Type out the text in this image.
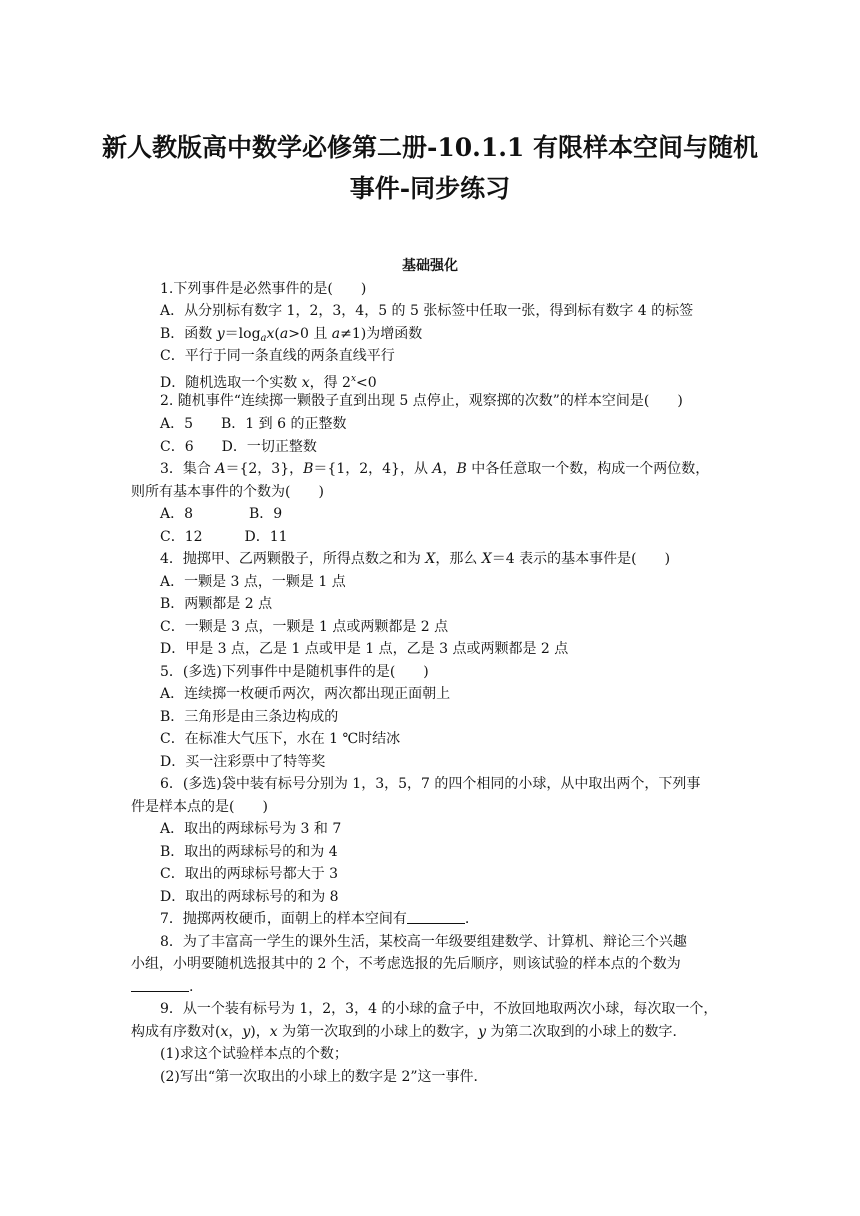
新人教版高中数学必修第二册-10.1.1 有限样本空间与随机
事件-同步练习
基础强化
1.下列事件是必然事件的是(　　)
A．从分别标有数字 1，2，3，4，5 的 5 张标签中任取一张，得到标有数字 4 的标签
B．函数 $y=\log_ax(a>0$ 且 a≠1)为增函数
C．平行于同一条直线的两条直线平行
D．随机选取一个实数 x，得 $2^x<0$
2. 随机事件“连续掷一颗骰子直到出现 5 点停止，观察掷的次数”的样本空间是(　　)
A．5　　B．1 到 6 的正整数
C．6　　D．一切正整数
3．集合 A＝{2，3}，B＝{1，2，4}，从 A，B 中各任意取一个数，构成一个两位数，
则所有基本事件的个数为(　　)
A．8　　　　B．9
C．12　　　D．11
4．抛掷甲、乙两颗骰子，所得点数之和为 X，那么 X＝4 表示的基本事件是(　　)
A．一颗是 3 点，一颗是 1 点
B．两颗都是 2 点
C．一颗是 3 点，一颗是 1 点或两颗都是 2 点
D．甲是 3 点，乙是 1 点或甲是 1 点，乙是 3 点或两颗都是 2 点
5．(多选)下列事件中是随机事件的是(　　)
A．连续掷一枚硬币两次，两次都出现正面朝上
B．三角形是由三条边构成的
C．在标准大气压下，水在 1 ℃时结冰
D．买一注彩票中了特等奖
6．(多选)袋中装有标号分别为 1，3，5，7 的四个相同的小球，从中取出两个，下列事
件是样本点的是(　　)
A．取出的两球标号为 3 和 7
B．取出的两球标号的和为 4
C．取出的两球标号都大于 3
D．取出的两球标号的和为 8
7．抛掷两枚硬币，面朝上的样本空间有	.
8．为了丰富高一学生的课外生活，某校高一年级要组建数学、计算机、辩论三个兴趣
小组，小明要随机选报其中的 2 个，不考虑选报的先后顺序，则该试验的样本点的个数为
.
9．从一个装有标号为 1，2，3，4 的小球的盒子中，不放回地取两次小球，每次取一个，
构成有序数对(x，y)，x 为第一次取到的小球上的数字，y 为第二次取到的小球上的数字．
(1)求这个试验样本点的个数；
(2)写出“第一次取出的小球上的数字是 2”这一事件．
